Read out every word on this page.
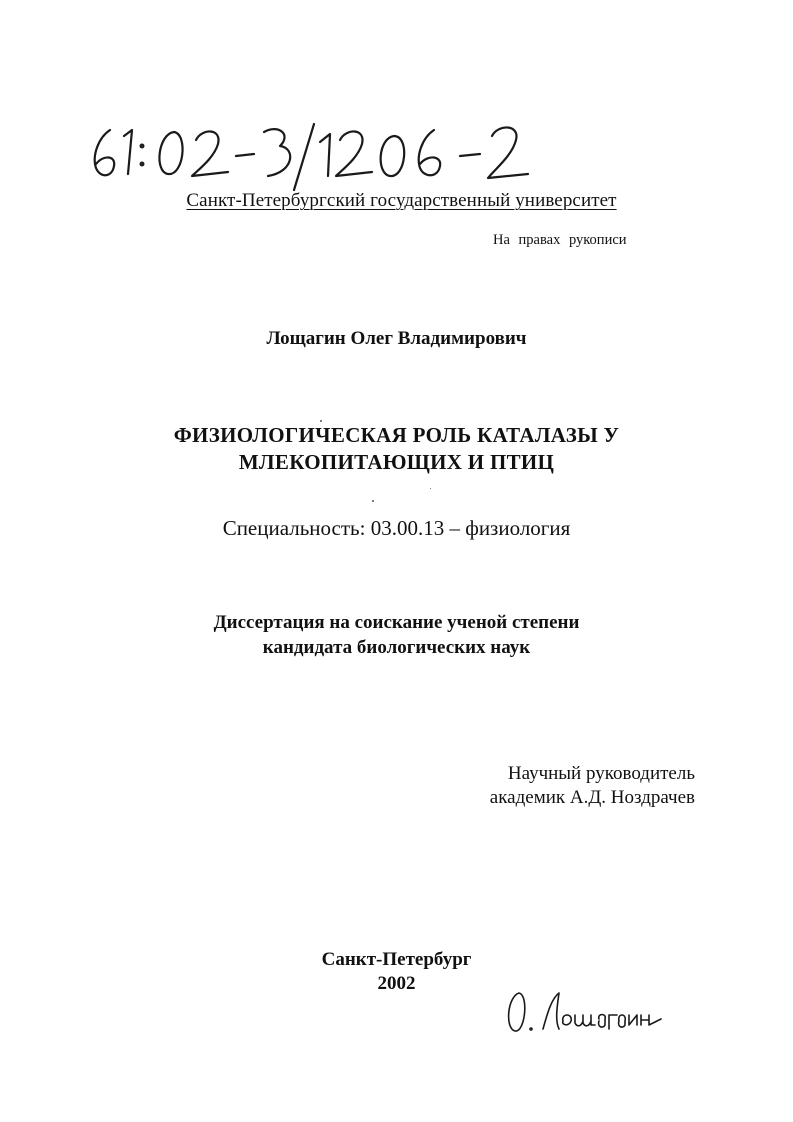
Санкт-Петербургский государственный университет
На правах рукописи
Лощагин Олег Владимирович
ФИЗИОЛОГИЧЕСКАЯ РОЛЬ КАТАЛАЗЫ У
МЛЕКОПИТАЮЩИХ И ПТИЦ
Специальность: 03.00.13 – физиология
Диссертация на соискание ученой степени
кандидата биологических наук
Научный руководитель
академик А.Д. Ноздрачев
Санкт-Петербург
2002
